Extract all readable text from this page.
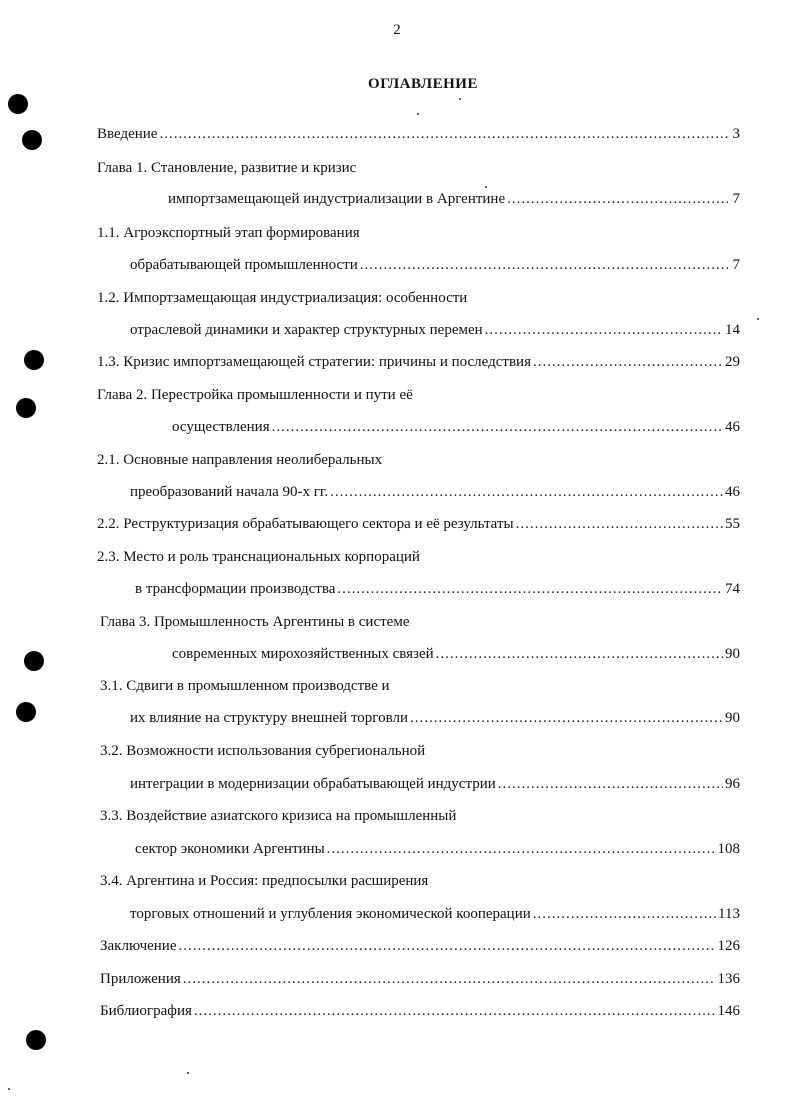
2
ОГЛАВЛЕНИЕ
Введение .....	3
Глава 1. Становление, развитие и кризис
импортзамещающей индустриализации в Аргентине .....	7
1.1. Агроэкспортный этап формирования
обрабатывающей промышленности .....	7
1.2. Импортзамещающая индустриализация: особенности
отраслевой динамики и характер структурных перемен .....	14
1.3. Кризис импортзамещающей стратегии: причины и последствия .....	29
Глава 2. Перестройка промышленности и пути её
осуществления .....	46
2.1. Основные направления неолиберальных
преобразований начала 90-х гг. .....	46
2.2. Реструктуризация обрабатывающего сектора и её результаты .....	55
2.3. Место и роль транснациональных корпораций
в трансформации производства .....	74
Глава 3. Промышленность Аргентины в системе
современных мирохозяйственных связей .....	90
3.1. Сдвиги в промышленном производстве и
их влияние на структуру внешней торговли .....	90
3.2. Возможности использования субрегиональной
интеграции в модернизации обрабатывающей индустрии .....	96
3.3. Воздействие азиатского кризиса на промышленный
сектор экономики Аргентины .....	108
3.4. Аргентина и Россия: предпосылки расширения
торговых отношений и углубления экономической кооперации .....	113
Заключение .....	126
Приложения .....	136
Библиография .....	146
